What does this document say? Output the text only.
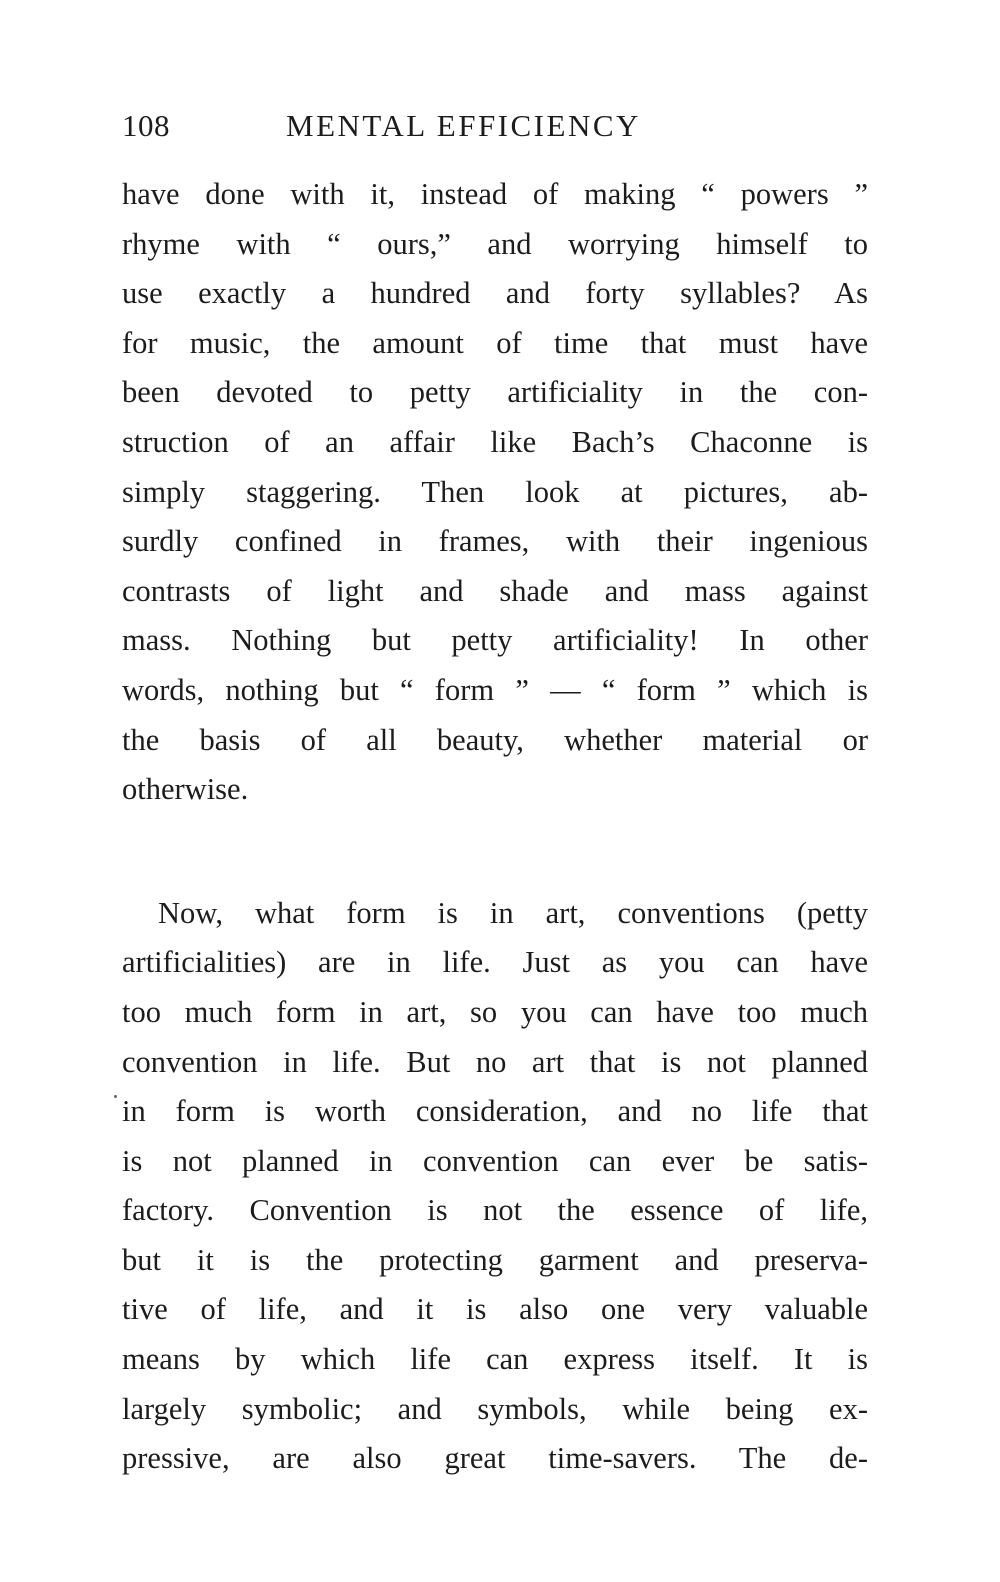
108	MENTAL EFFICIENCY
have done with it, instead of making “ powers ”
rhyme with “ ours,” and worrying himself to
use exactly a hundred and forty syllables? As
for music, the amount of time that must have
been devoted to petty artificiality in the con-
struction of an affair like Bach’s Chaconne is
simply staggering. Then look at pictures, ab-
surdly confined in frames, with their ingenious
contrasts of light and shade and mass against
mass. Nothing but petty artificiality! In other
words, nothing but “ form ” — “ form ” which is
the basis of all beauty, whether material or
otherwise.
Now, what form is in art, conventions (petty
artificialities) are in life. Just as you can have
too much form in art, so you can have too much
convention in life. But no art that is not planned
in form is worth consideration, and no life that
is not planned in convention can ever be satis-
factory. Convention is not the essence of life,
but it is the protecting garment and preserva-
tive of life, and it is also one very valuable
means by which life can express itself. It is
largely symbolic; and symbols, while being ex-
pressive, are also great time-savers. The de-
